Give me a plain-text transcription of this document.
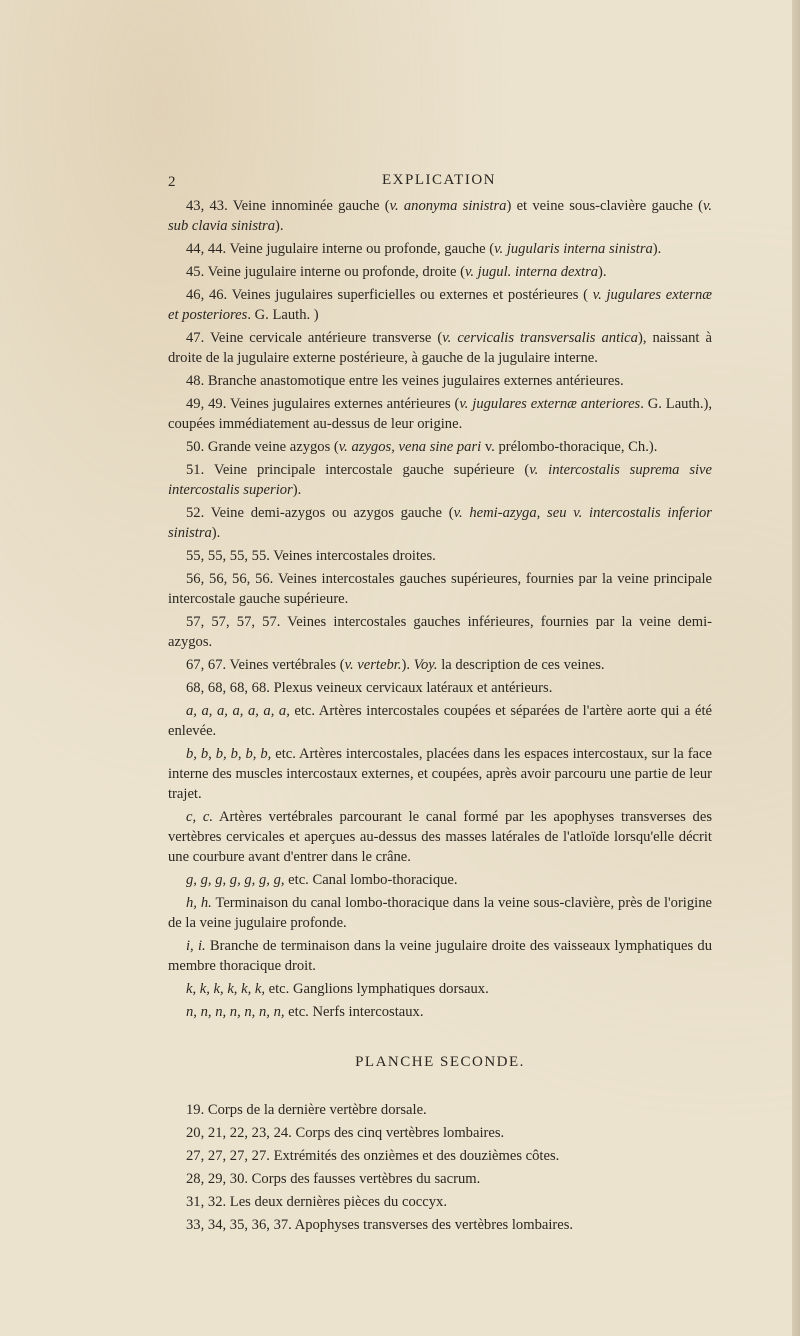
2	EXPLICATION

43, 43. Veine innominée gauche (v. anonyma sinistra) et veine sous-clavière gauche (v. sub clavia sinistra).

44, 44. Veine jugulaire interne ou profonde, gauche (v. jugularis interna sinistra).

45. Veine jugulaire interne ou profonde, droite (v. jugul. interna dextra).

46, 46. Veines jugulaires superficielles ou externes et postérieures ( v. jugulares externæ et posteriores. G. Lauth. )

47. Veine cervicale antérieure transverse (v. cervicalis transversalis antica), naissant à droite de la jugulaire externe postérieure, à gauche de la jugulaire interne.

48. Branche anastomotique entre les veines jugulaires externes antérieures.

49, 49. Veines jugulaires externes antérieures (v. jugulares externæ anteriores. G. Lauth.), coupées immédiatement au-dessus de leur origine.

50. Grande veine azygos (v. azygos, vena sine pari v. prélombo-thoracique, Ch.).

51. Veine principale intercostale gauche supérieure (v. intercostalis suprema sive intercostalis superior).

52. Veine demi-azygos ou azygos gauche (v. hemi-azyga, seu v. intercostalis inferior sinistra).

55, 55, 55, 55. Veines intercostales droites.

56, 56, 56, 56. Veines intercostales gauches supérieures, fournies par la veine principale intercostale gauche supérieure.

57, 57, 57, 57. Veines intercostales gauches inférieures, fournies par la veine demi-azygos.

67, 67. Veines vertébrales (v. vertebr.). Voy. la description de ces veines.

68, 68, 68, 68. Plexus veineux cervicaux latéraux et antérieurs.

a, a, a, a, a, a, a, etc. Artères intercostales coupées et séparées de l'artère aorte qui a été enlevée.

b, b, b, b, b, b, etc. Artères intercostales, placées dans les espaces intercostaux, sur la face interne des muscles intercostaux externes, et coupées, après avoir parcouru une partie de leur trajet.

c, c. Artères vertébrales parcourant le canal formé par les apophyses transverses des vertèbres cervicales et aperçues au-dessus des masses latérales de l'atloïde lorsqu'elle décrit une courbure avant d'entrer dans le crâne.

g, g, g, g, g, g, g, etc. Canal lombo-thoracique.

h, h. Terminaison du canal lombo-thoracique dans la veine sous-clavière, près de l'origine de la veine jugulaire profonde.

i, i. Branche de terminaison dans la veine jugulaire droite des vaisseaux lymphatiques du membre thoracique droit.

k, k, k, k, k, k, etc. Ganglions lymphatiques dorsaux.

n, n, n, n, n, n, n, etc. Nerfs intercostaux.

PLANCHE SECONDE.

19. Corps de la dernière vertèbre dorsale.

20, 21, 22, 23, 24. Corps des cinq vertèbres lombaires.

27, 27, 27, 27. Extrémités des onzièmes et des douzièmes côtes.

28, 29, 30. Corps des fausses vertèbres du sacrum.

31, 32. Les deux dernières pièces du coccyx.

33, 34, 35, 36, 37. Apophyses transverses des vertèbres lombaires.
